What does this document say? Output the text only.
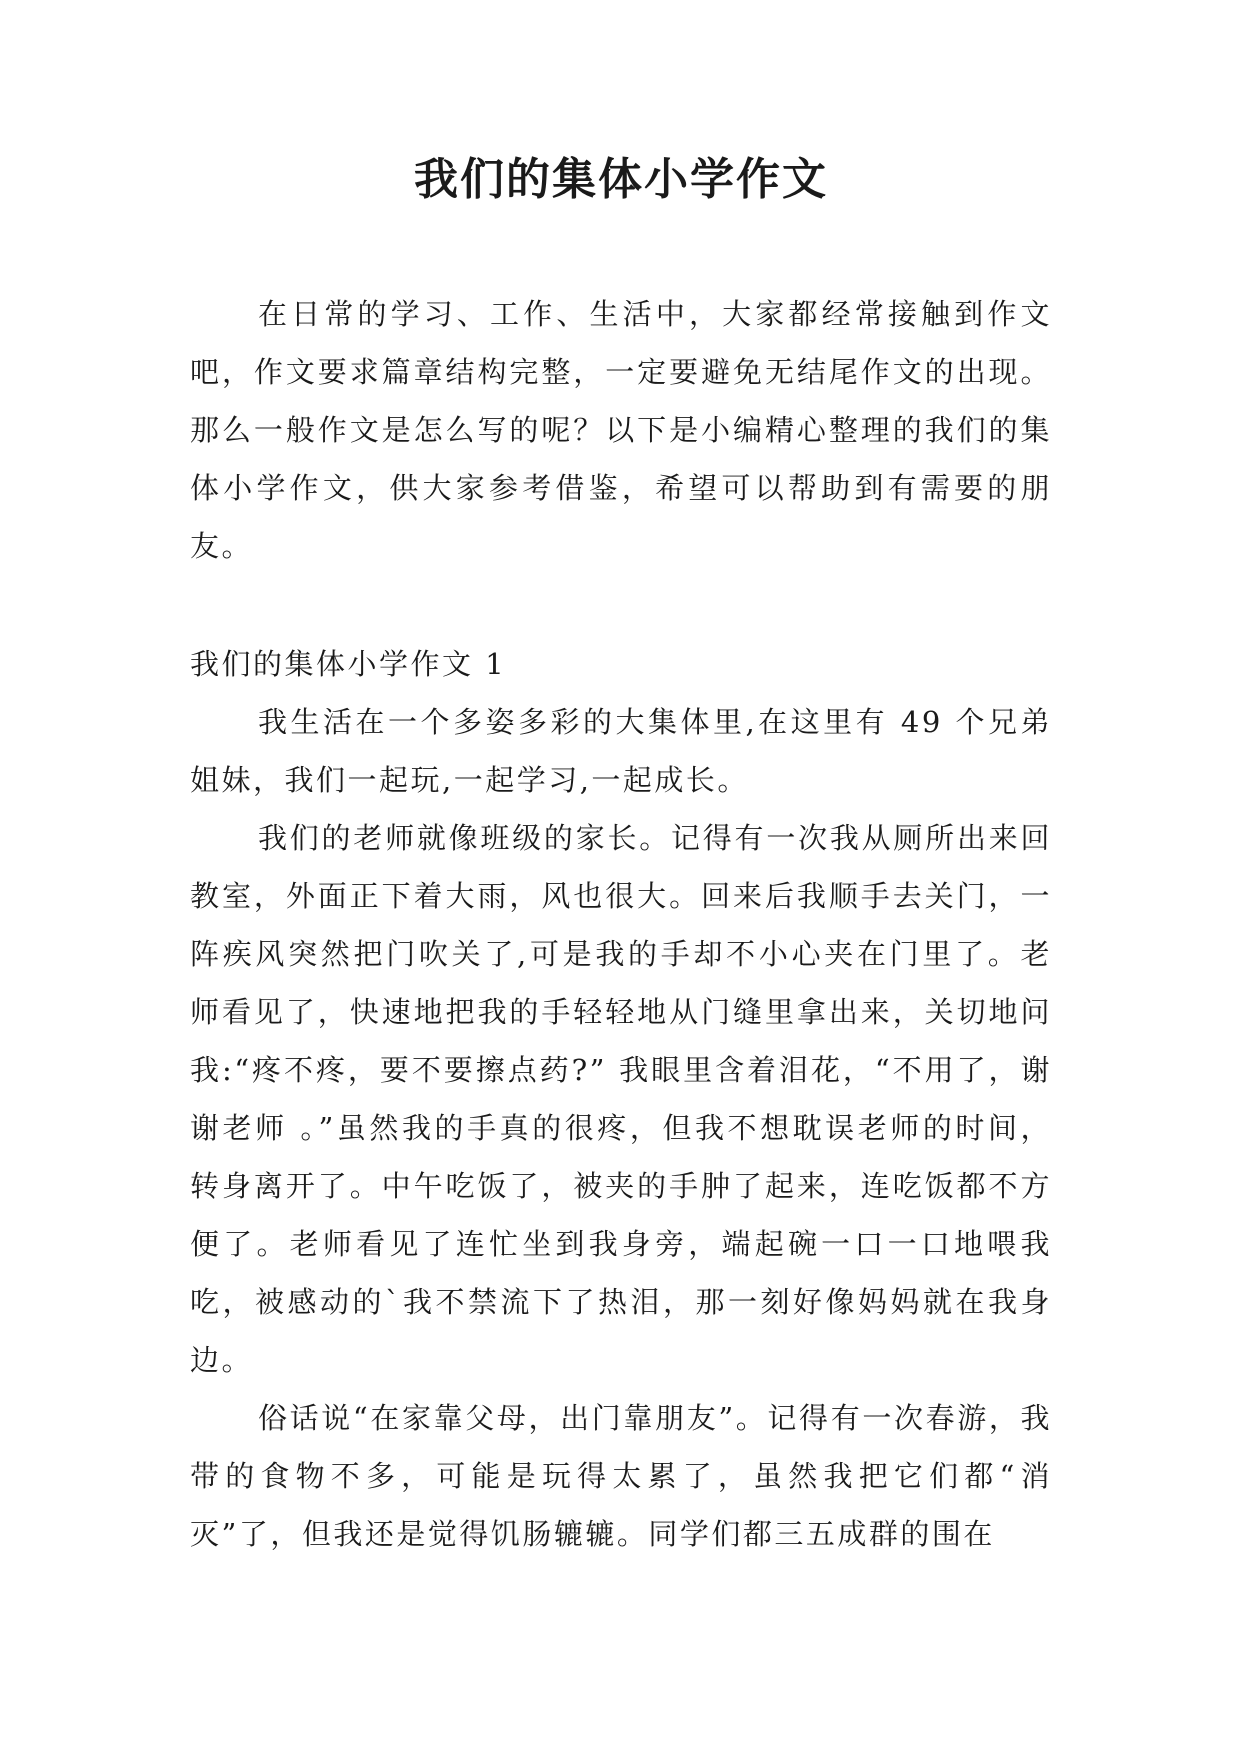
我们的集体小学作文

在日常的学习、工作、生活中，大家都经常接触到作文吧，作文要求篇章结构完整，一定要避免无结尾作文的出现。那么一般作文是怎么写的呢？以下是小编精心整理的我们的集体小学作文，供大家参考借鉴，希望可以帮助到有需要的朋友。

我们的集体小学作文 1

我生活在一个多姿多彩的大集体里,在这里有 49 个兄弟姐妹，我们一起玩,一起学习,一起成长。

我们的老师就像班级的家长。记得有一次我从厕所出来回教室，外面正下着大雨，风也很大。回来后我顺手去关门，一阵疾风突然把门吹关了,可是我的手却不小心夹在门里了。老师看见了，快速地把我的手轻轻地从门缝里拿出来，关切地问我:“疼不疼，要不要擦点药?” 我眼里含着泪花，“不用了，谢谢老师 。”虽然我的手真的很疼，但我不想耽误老师的时间，转身离开了。中午吃饭了，被夹的手肿了起来，连吃饭都不方便了。老师看见了连忙坐到我身旁，端起碗一口一口地喂我吃，被感动的`我不禁流下了热泪，那一刻好像妈妈就在我身边。

俗话说“在家靠父母，出门靠朋友”。记得有一次春游，我带的食物不多，可能是玩得太累了，虽然我把它们都“消灭”了，但我还是觉得饥肠辘辘。同学们都三五成群的围在
